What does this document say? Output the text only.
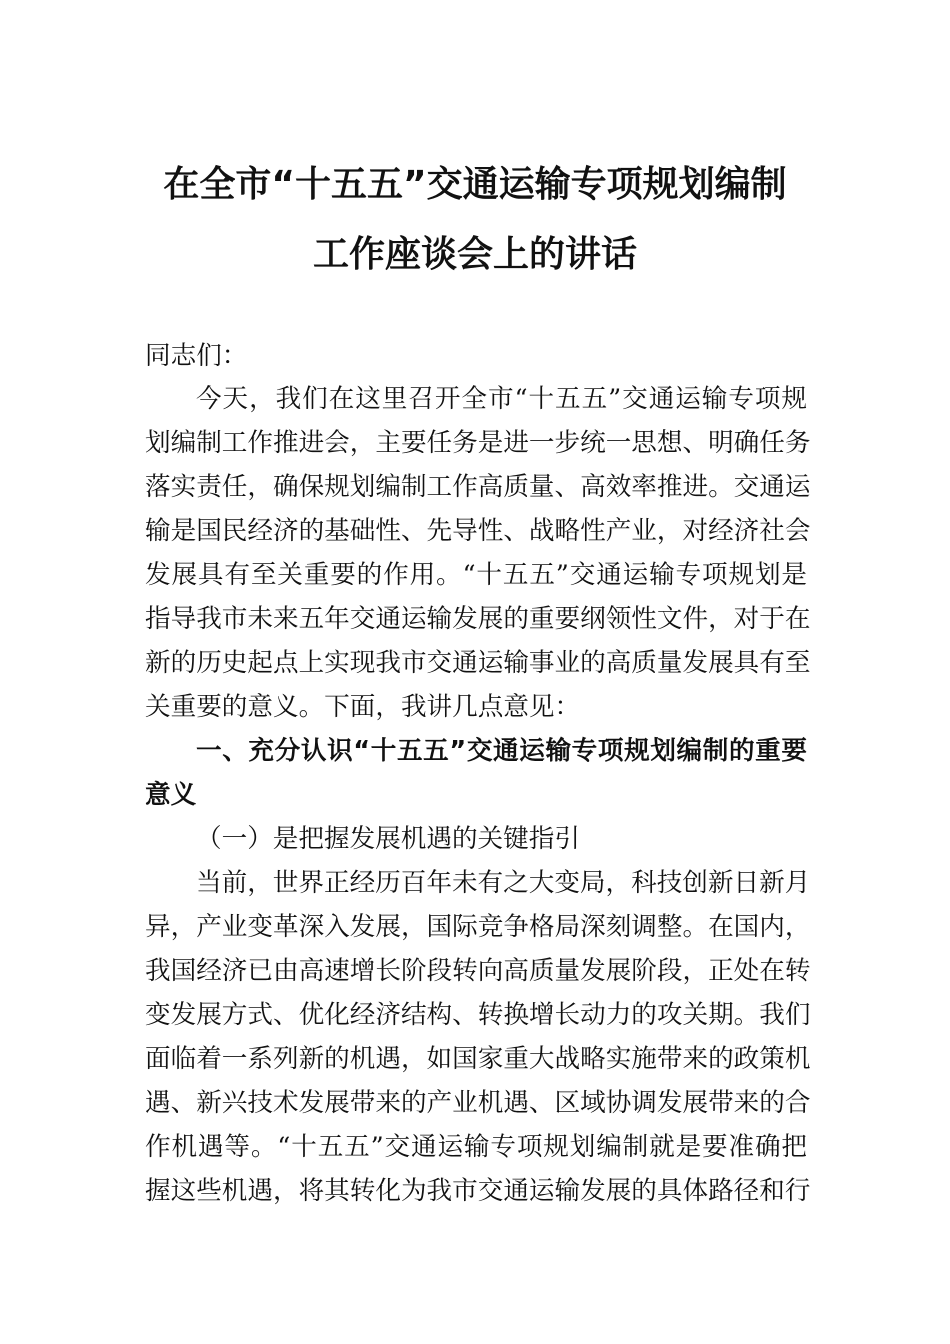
在全市“十五五”交通运输专项规划编制
工作座谈会上的讲话

同志们：

今天，我们在这里召开全市“十五五”交通运输专项规

划编制工作推进会，主要任务是进一步统一思想、明确任务

落实责任，确保规划编制工作高质量、高效率推进。交通运

输是国民经济的基础性、先导性、战略性产业，对经济社会

发展具有至关重要的作用。“十五五”交通运输专项规划是

指导我市未来五年交通运输发展的重要纲领性文件，对于在

新的历史起点上实现我市交通运输事业的高质量发展具有至

关重要的意义。下面，我讲几点意见：

一、充分认识“十五五”交通运输专项规划编制的重要

意义

（一）是把握发展机遇的关键指引

当前，世界正经历百年未有之大变局，科技创新日新月

异，产业变革深入发展，国际竞争格局深刻调整。在国内，

我国经济已由高速增长阶段转向高质量发展阶段，正处在转

变发展方式、优化经济结构、转换增长动力的攻关期。我们

面临着一系列新的机遇，如国家重大战略实施带来的政策机

遇、新兴技术发展带来的产业机遇、区域协调发展带来的合

作机遇等。“十五五”交通运输专项规划编制就是要准确把

握这些机遇，将其转化为我市交通运输发展的具体路径和行
